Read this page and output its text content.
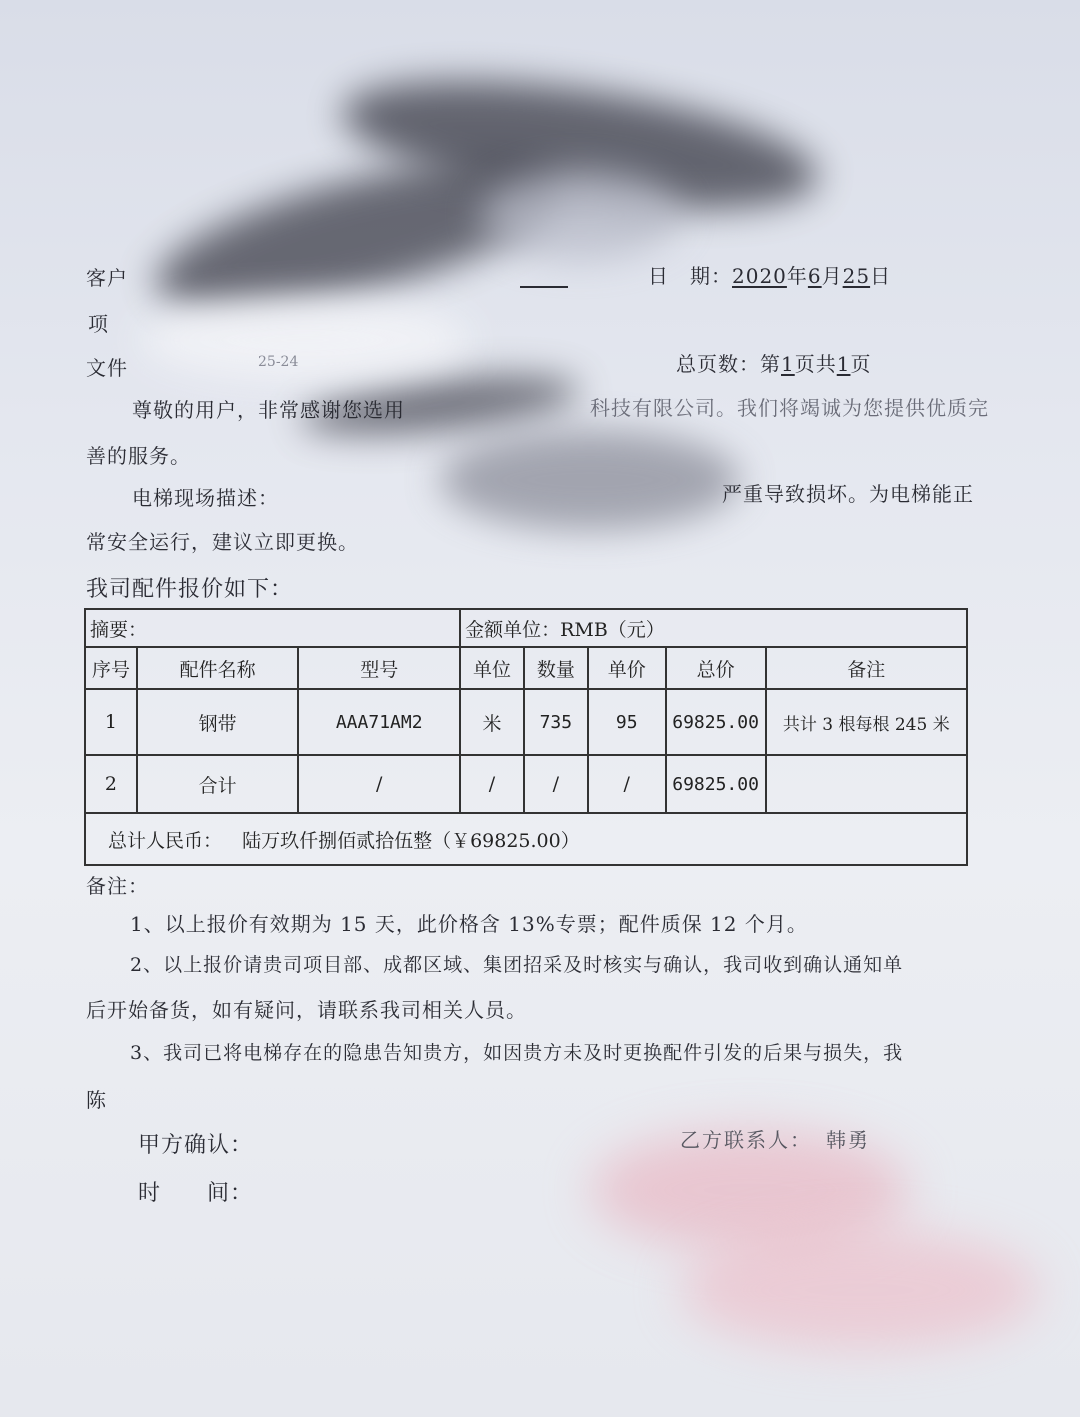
客户	日　期：2020年6月25日
项
文件	25-24	总页数：第1页共1页
尊敬的用户，非常感谢您选用	科技有限公司。我们将竭诚为您提供优质完
善的服务。
电梯现场描述：	严重导致损坏。为电梯能正
常安全运行，建议立即更换。
我司配件报价如下：
摘要：			金额单位：RMB（元）				
序号	配件名称	型号	单位	数量	单价	总价	备注
1	钢带	AAA71AM2	米	735	95	69825.00	共计 3 根每根 245 米
2	合计	/	/	/	/	69825.00	
总计人民币： 陆万玖仟捌佰贰拾伍整（￥69825.00）							
备注：
1、以上报价有效期为 15 天，此价格含 13%专票；配件质保 12 个月。
2、以上报价请贵司项目部、成都区域、集团招采及时核实与确认，我司收到确认通知单
后开始备货，如有疑问，请联系我司相关人员。
3、我司已将电梯存在的隐患告知贵方，如因贵方未及时更换配件引发的后果与损失，我
陈
甲方确认：
时　　间：
乙方联系人： 韩勇
